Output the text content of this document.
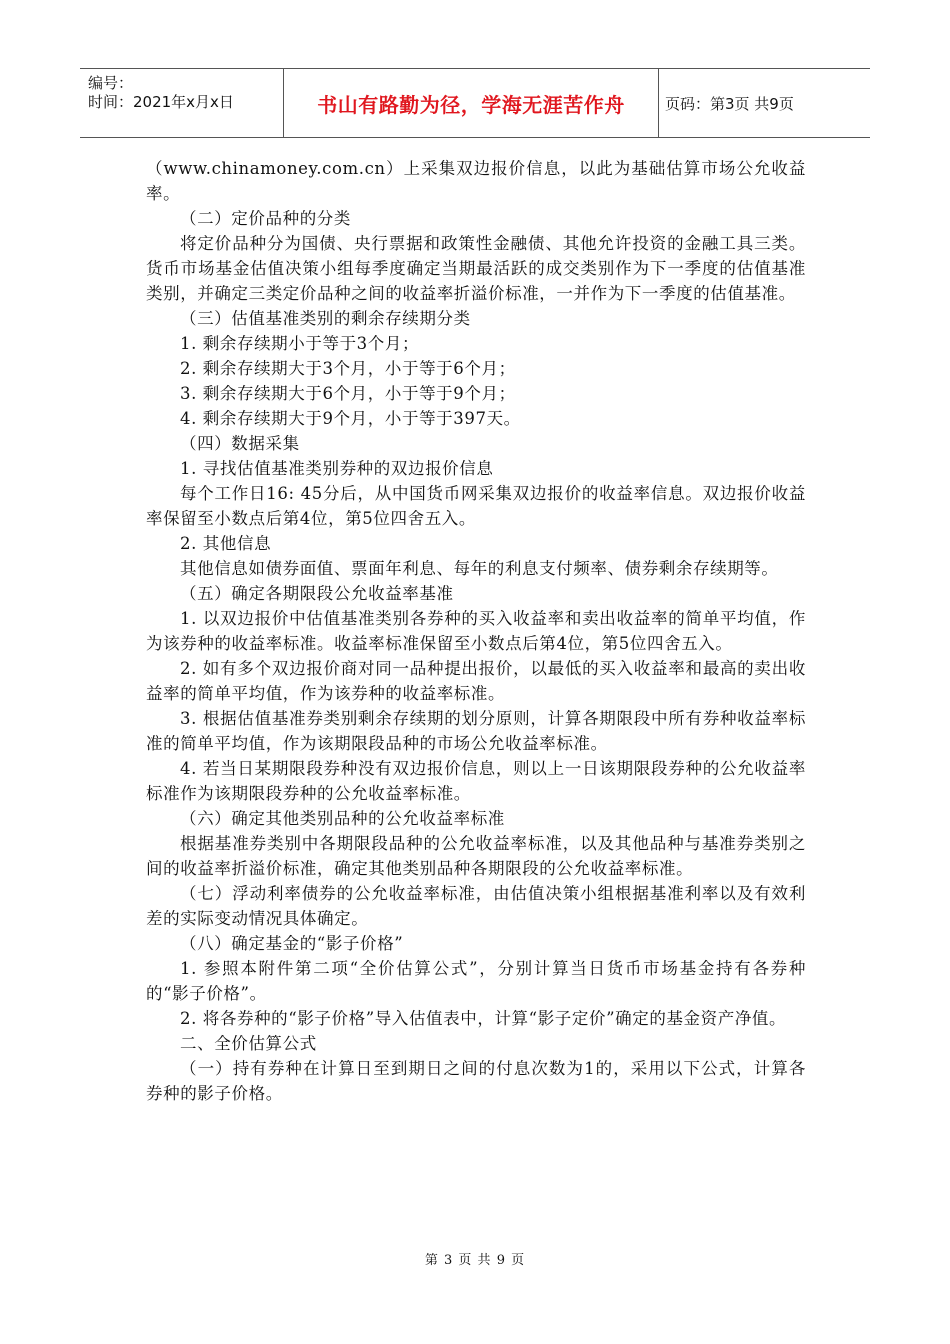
编号：
时间：2021年x月x日	书山有路勤为径，学海无涯苦作舟	页码：第3页 共9页

（www.chinamoney.com.cn）上采集双边报价信息，以此为基础估算市场公允收益率。

（二）定价品种的分类

将定价品种分为国债、央行票据和政策性金融债、其他允许投资的金融工具三类。货币市场基金估值决策小组每季度确定当期最活跃的成交类别作为下一季度的估值基准类别，并确定三类定价品种之间的收益率折溢价标准，一并作为下一季度的估值基准。

（三）估值基准类别的剩余存续期分类

1. 剩余存续期小于等于3个月；

2. 剩余存续期大于3个月，小于等于6个月；

3. 剩余存续期大于6个月，小于等于9个月；

4. 剩余存续期大于9个月，小于等于397天。

（四）数据采集

1. 寻找估值基准类别券种的双边报价信息

每个工作日16: 45分后，从中国货币网采集双边报价的收益率信息。双边报价收益率保留至小数点后第4位，第5位四舍五入。

2. 其他信息

其他信息如债券面值、票面年利息、每年的利息支付频率、债券剩余存续期等。

（五）确定各期限段公允收益率基准

1. 以双边报价中估值基准类别各券种的买入收益率和卖出收益率的简单平均值，作为该券种的收益率标准。收益率标准保留至小数点后第4位，第5位四舍五入。

2. 如有多个双边报价商对同一品种提出报价，以最低的买入收益率和最高的卖出收益率的简单平均值，作为该券种的收益率标准。

3. 根据估值基准券类别剩余存续期的划分原则，计算各期限段中所有券种收益率标准的简单平均值，作为该期限段品种的市场公允收益率标准。

4. 若当日某期限段券种没有双边报价信息，则以上一日该期限段券种的公允收益率标准作为该期限段券种的公允收益率标准。

（六）确定其他类别品种的公允收益率标准

根据基准券类别中各期限段品种的公允收益率标准，以及其他品种与基准券类别之间的收益率折溢价标准，确定其他类别品种各期限段的公允收益率标准。

（七）浮动利率债券的公允收益率标准，由估值决策小组根据基准利率以及有效利差的实际变动情况具体确定。

（八）确定基金的“影子价格”

1. 参照本附件第二项“全价估算公式”，分别计算当日货币市场基金持有各券种的“影子价格”。

2. 将各券种的“影子价格”导入估值表中，计算“影子定价”确定的基金资产净值。

二、全价估算公式

（一）持有券种在计算日至到期日之间的付息次数为1的，采用以下公式，计算各券种的影子价格。

第 3 页 共 9 页
